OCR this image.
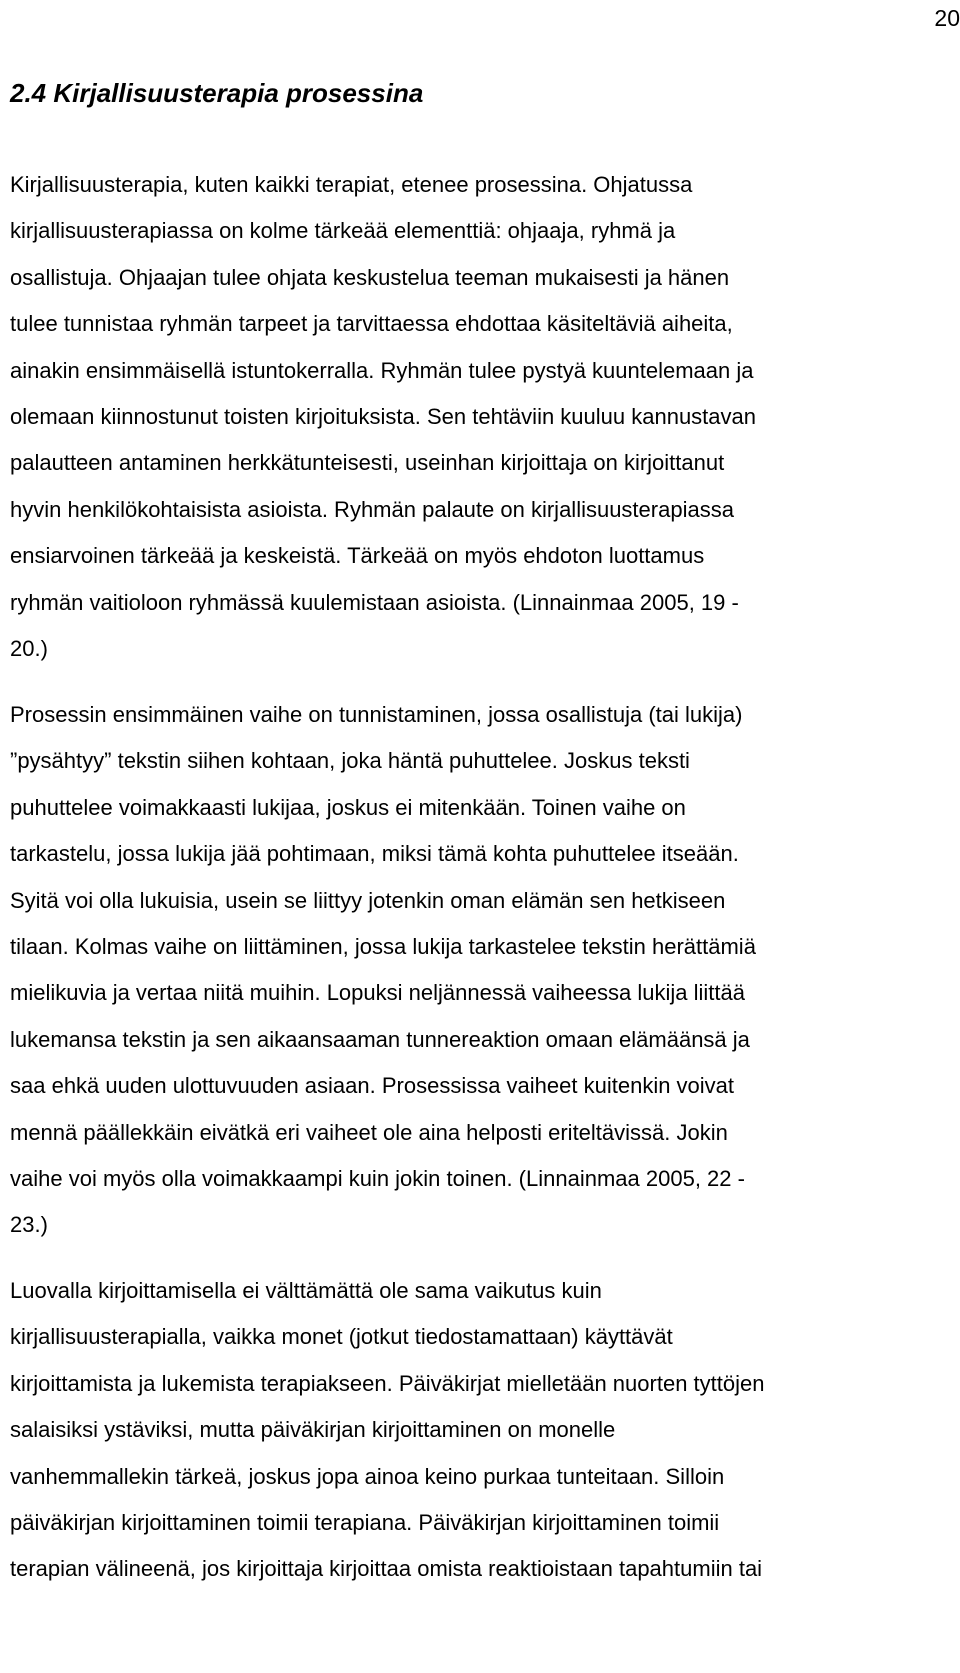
20

2.4 Kirjallisuusterapia prosessina

Kirjallisuusterapia, kuten kaikki terapiat, etenee prosessina. Ohjatussa
kirjallisuusterapiassa on kolme tärkeää elementtiä: ohjaaja, ryhmä ja
osallistuja. Ohjaajan tulee ohjata keskustelua teeman mukaisesti ja hänen
tulee tunnistaa ryhmän tarpeet ja tarvittaessa ehdottaa käsiteltäviä aiheita,
ainakin ensimmäisellä istuntokerralla. Ryhmän tulee pystyä kuuntelemaan ja
olemaan kiinnostunut toisten kirjoituksista. Sen tehtäviin kuuluu kannustavan
palautteen antaminen herkkätunteisesti, useinhan kirjoittaja on kirjoittanut
hyvin henkilökohtaisista asioista. Ryhmän palaute on kirjallisuusterapiassa
ensiarvoinen tärkeää ja keskeistä. Tärkeää on myös ehdoton luottamus
ryhmän vaitioloon ryhmässä kuulemistaan asioista. (Linnainmaa 2005, 19 -
20.)

Prosessin ensimmäinen vaihe on tunnistaminen, jossa osallistuja (tai lukija)
”pysähtyy” tekstin siihen kohtaan, joka häntä puhuttelee. Joskus teksti
puhuttelee voimakkaasti lukijaa, joskus ei mitenkään. Toinen vaihe on
tarkastelu, jossa lukija jää pohtimaan, miksi tämä kohta puhuttelee itseään.
Syitä voi olla lukuisia, usein se liittyy jotenkin oman elämän sen hetkiseen
tilaan. Kolmas vaihe on liittäminen, jossa lukija tarkastelee tekstin herättämiä
mielikuvia ja vertaa niitä muihin. Lopuksi neljännessä vaiheessa lukija liittää
lukemansa tekstin ja sen aikaansaaman tunnereaktion omaan elämäänsä ja
saa ehkä uuden ulottuvuuden asiaan. Prosessissa vaiheet kuitenkin voivat
mennä päällekkäin eivätkä eri vaiheet ole aina helposti eriteltävissä. Jokin
vaihe voi myös olla voimakkaampi kuin jokin toinen. (Linnainmaa 2005, 22 -
23.)

Luovalla kirjoittamisella ei välttämättä ole sama vaikutus kuin
kirjallisuusterapialla, vaikka monet (jotkut tiedostamattaan) käyttävät
kirjoittamista ja lukemista terapiakseen. Päiväkirjat mielletään nuorten tyttöjen
salaisiksi ystäviksi, mutta päiväkirjan kirjoittaminen on monelle
vanhemmallekin tärkeä, joskus jopa ainoa keino purkaa tunteitaan. Silloin
päiväkirjan kirjoittaminen toimii terapiana. Päiväkirjan kirjoittaminen toimii
terapian välineenä, jos kirjoittaja kirjoittaa omista reaktioistaan tapahtumiin tai
